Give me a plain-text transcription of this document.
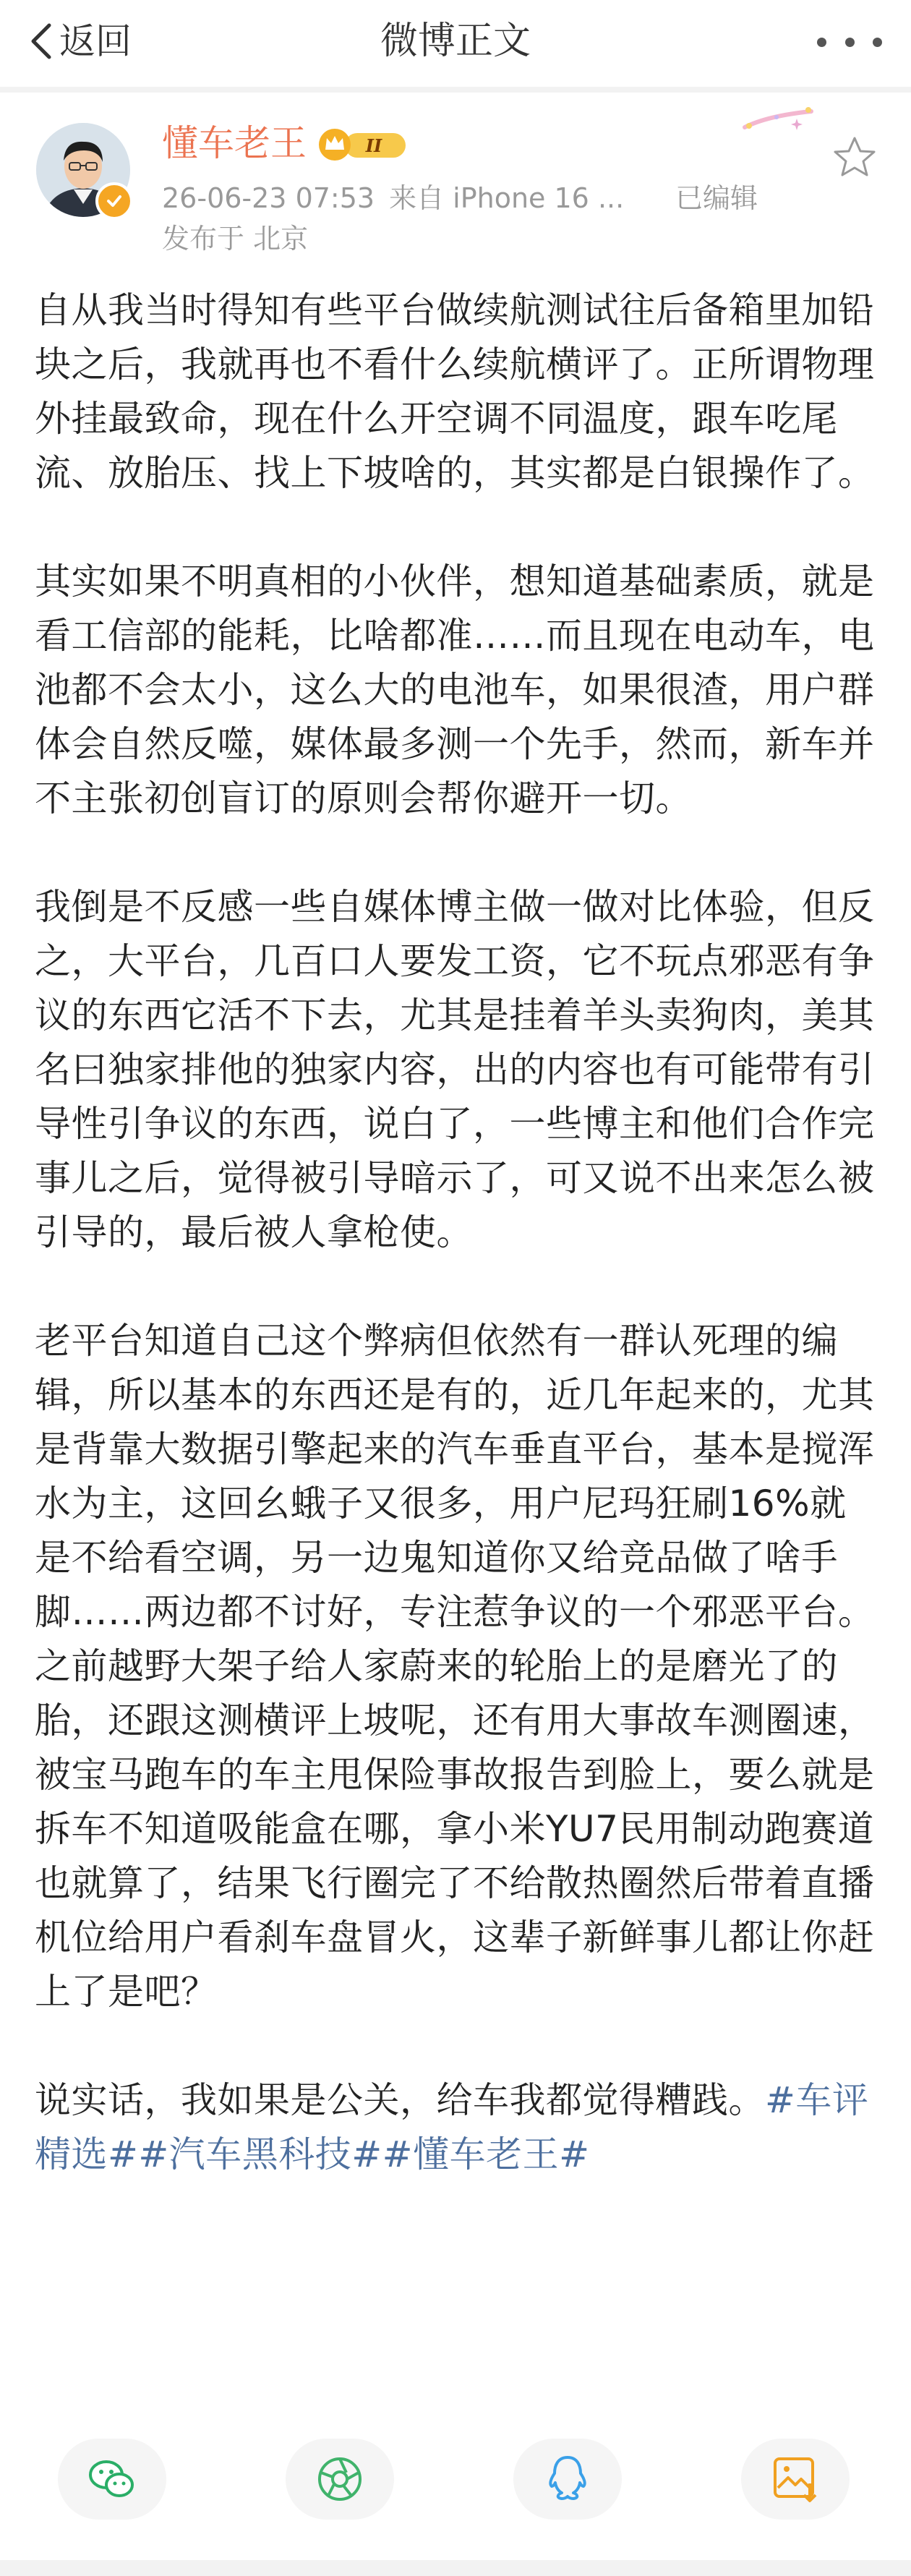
返回	微博正文
懂车老王	II
26-06-23 07:53 来自 iPhone 16 ... 已编辑
发布于 北京

自从我当时得知有些平台做续航测试往后备箱里加铅块之后，我就再也不看什么续航横评了。正所谓物理外挂最致命，现在什么开空调不同温度，跟车吃尾流、放胎压、找上下坡啥的，其实都是白银操作了。

其实如果不明真相的小伙伴，想知道基础素质，就是看工信部的能耗，比啥都准……而且现在电动车，电池都不会太小，这么大的电池车，如果很渣，用户群体会自然反噬，媒体最多测一个先手，然而，新车并不主张初创盲订的原则会帮你避开一切。

我倒是不反感一些自媒体博主做一做对比体验，但反之，大平台，几百口人要发工资，它不玩点邪恶有争议的东西它活不下去，尤其是挂着羊头卖狗肉，美其名曰独家排他的独家内容，出的内容也有可能带有引导性引争议的东西，说白了，一些博主和他们合作完事儿之后，觉得被引导暗示了，可又说不出来怎么被引导的，最后被人拿枪使。

老平台知道自己这个弊病但依然有一群认死理的编辑，所以基本的东西还是有的，近几年起来的，尤其是背靠大数据引擎起来的汽车垂直平台，基本是搅浑水为主，这回幺蛾子又很多，用户尼玛狂刷16%就是不给看空调，另一边鬼知道你又给竞品做了啥手脚……两边都不讨好，专注惹争议的一个邪恶平台。之前越野大架子给人家蔚来的轮胎上的是磨光了的胎，还跟这测横评上坡呢，还有用大事故车测圈速，被宝马跑车的车主甩保险事故报告到脸上，要么就是拆车不知道吸能盒在哪，拿小米YU7民用制动跑赛道也就算了，结果飞行圈完了不给散热圈然后带着直播机位给用户看刹车盘冒火，这辈子新鲜事儿都让你赶上了是吧？

说实话，我如果是公关，给车我都觉得糟践。#车评精选##汽车黑科技##懂车老王#
